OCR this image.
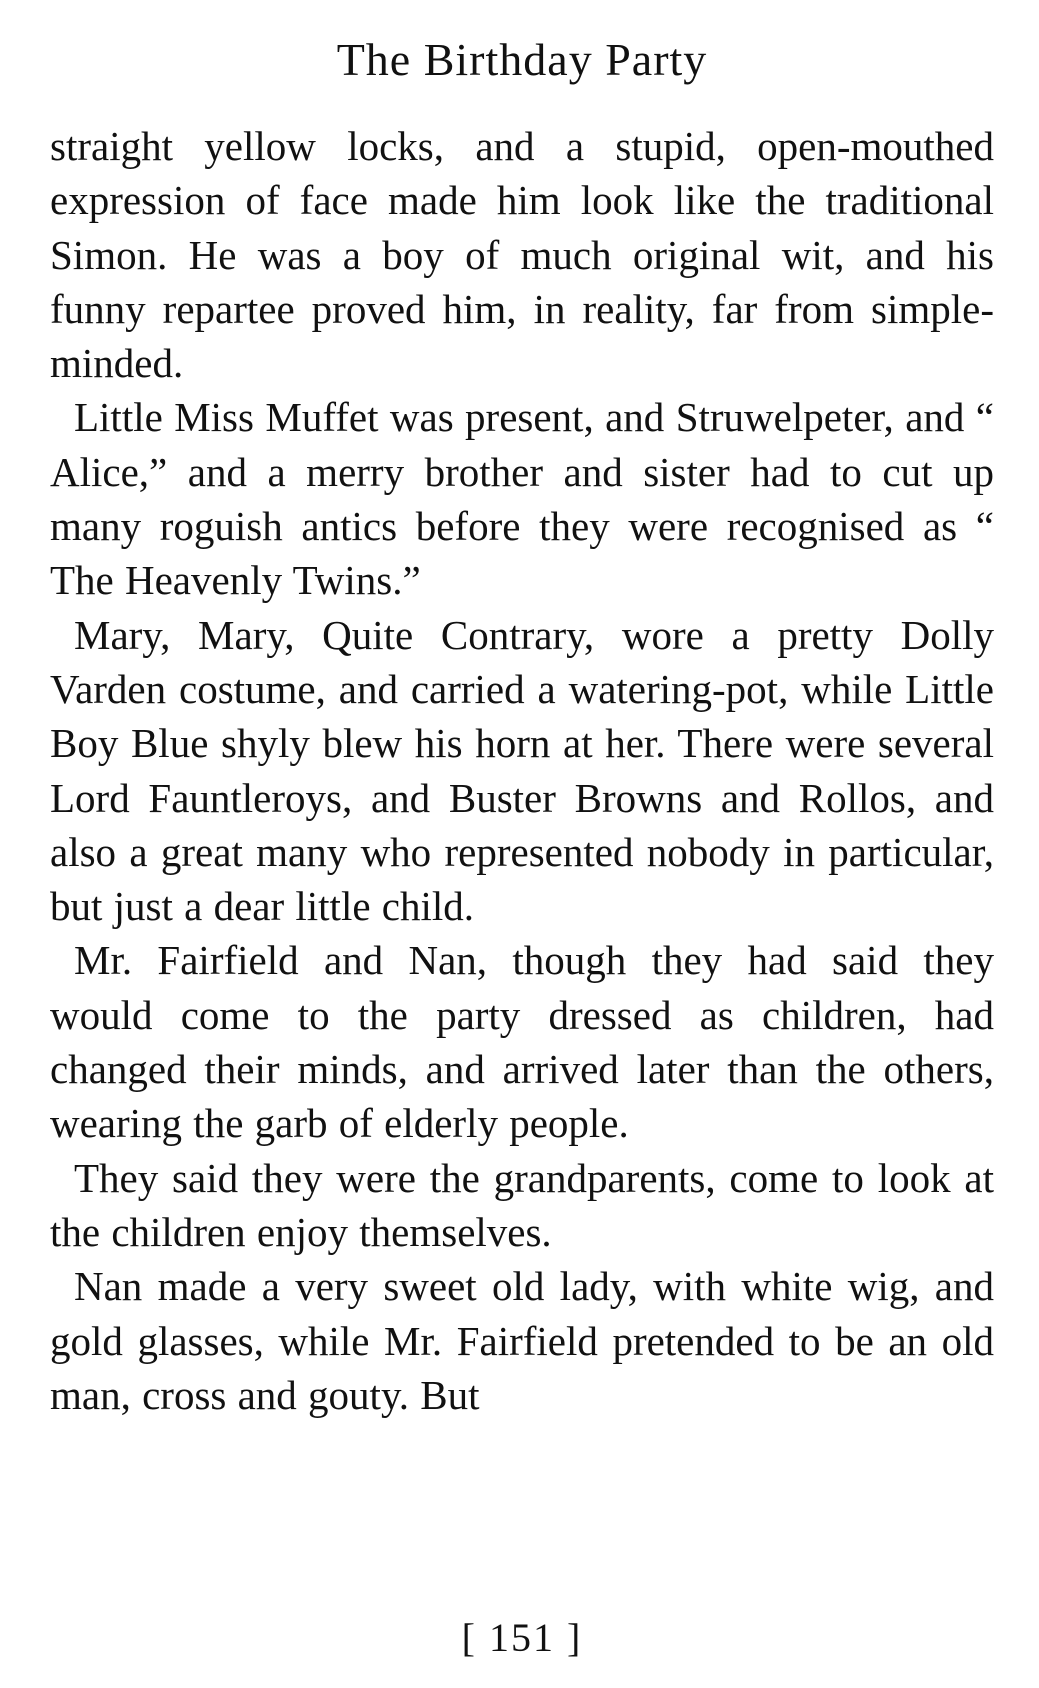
The Birthday Party

straight yellow locks, and a stupid, open-mouthed expression of face made him look like the traditional Simon. He was a boy of much original wit, and his funny repartee proved him, in reality, far from simple-minded.

Little Miss Muffet was present, and Struwelpeter, and “ Alice,” and a merry brother and sister had to cut up many roguish antics before they were recognised as “ The Heavenly Twins.”

Mary, Mary, Quite Contrary, wore a pretty Dolly Varden costume, and carried a watering-pot, while Little Boy Blue shyly blew his horn at her. There were several Lord Fauntleroys, and Buster Browns and Rollos, and also a great many who represented nobody in particular, but just a dear little child.

Mr. Fairfield and Nan, though they had said they would come to the party dressed as children, had changed their minds, and arrived later than the others, wearing the garb of elderly people.

They said they were the grandparents, come to look at the children enjoy themselves.

Nan made a very sweet old lady, with white wig, and gold glasses, while Mr. Fairfield pretended to be an old man, cross and gouty. But

[ 151 ]
